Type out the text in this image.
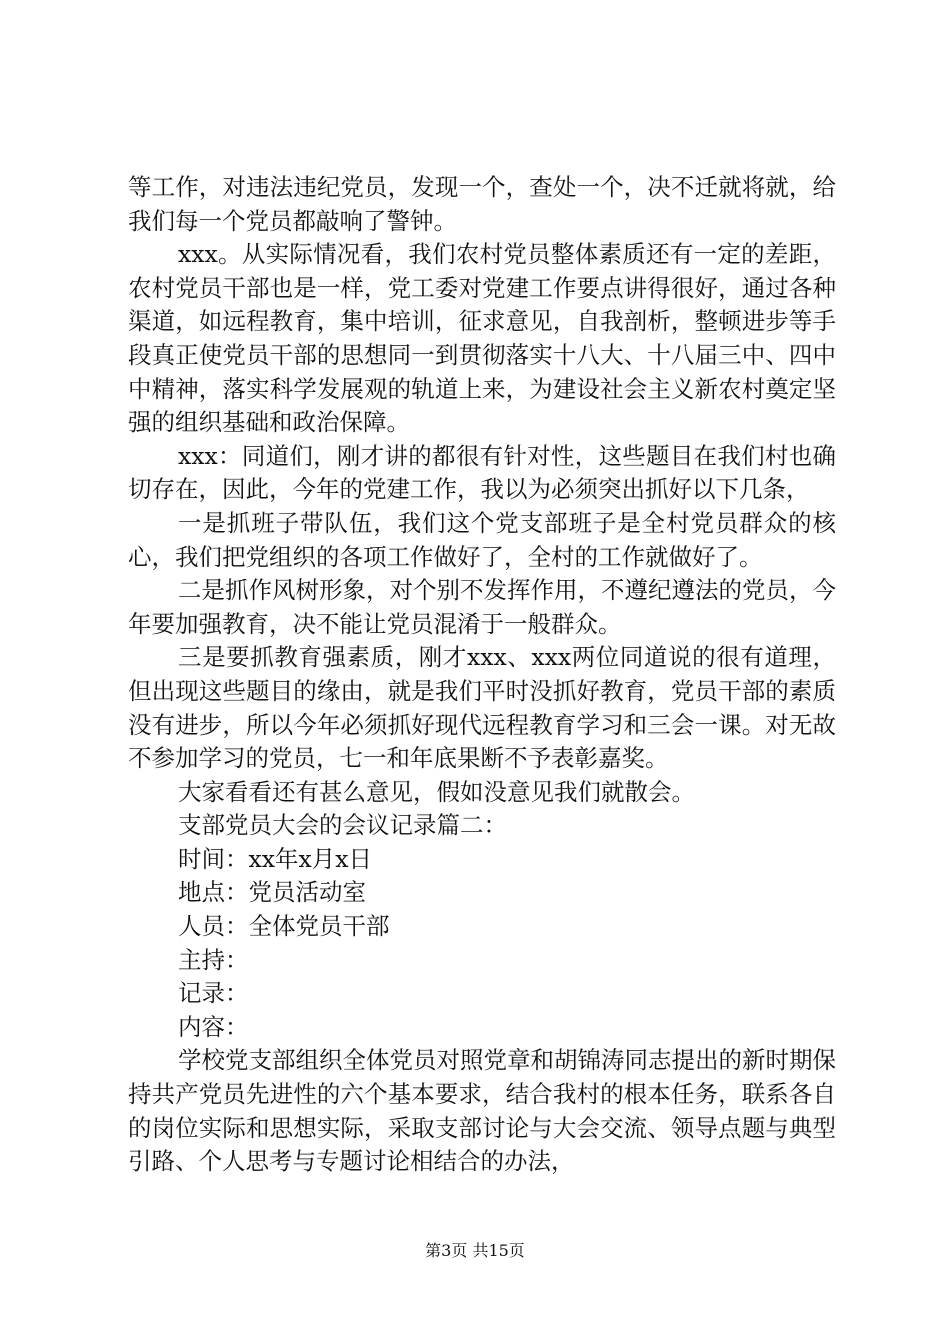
等工作，对违法违纪党员，发现一个，查处一个，决不迁就将就，给我们每一个党员都敲响了警钟。

xxx。从实际情况看，我们农村党员整体素质还有一定的差距，农村党员干部也是一样，党工委对党建工作要点讲得很好，通过各种渠道，如远程教育，集中培训，征求意见，自我剖析，整顿进步等手段真正使党员干部的思想同一到贯彻落实十八大、十八届三中、四中中精神，落实科学发展观的轨道上来，为建设社会主义新农村奠定坚强的组织基础和政治保障。

xxx：同道们，刚才讲的都很有针对性，这些题目在我们村也确切存在，因此，今年的党建工作，我以为必须突出抓好以下几条，

一是抓班子带队伍，我们这个党支部班子是全村党员群众的核心，我们把党组织的各项工作做好了，全村的工作就做好了。

二是抓作风树形象，对个别不发挥作用，不遵纪遵法的党员，今年要加强教育，决不能让党员混淆于一般群众。

三是要抓教育强素质，刚才xxx、xxx两位同道说的很有道理，但出现这些题目的缘由，就是我们平时没抓好教育，党员干部的素质没有进步，所以今年必须抓好现代远程教育学习和三会一课。对无故不参加学习的党员，七一和年底果断不予表彰嘉奖。

大家看看还有甚么意见，假如没意见我们就散会。

支部党员大会的会议记录篇二：

时间：xx年x月x日

地点：党员活动室

人员：全体党员干部

主持：

记录：

内容：

学校党支部组织全体党员对照党章和胡锦涛同志提出的新时期保持共产党员先进性的六个基本要求，结合我村的根本任务，联系各自的岗位实际和思想实际，采取支部讨论与大会交流、领导点题与典型引路、个人思考与专题讨论相结合的办法，

第3页 共15页
